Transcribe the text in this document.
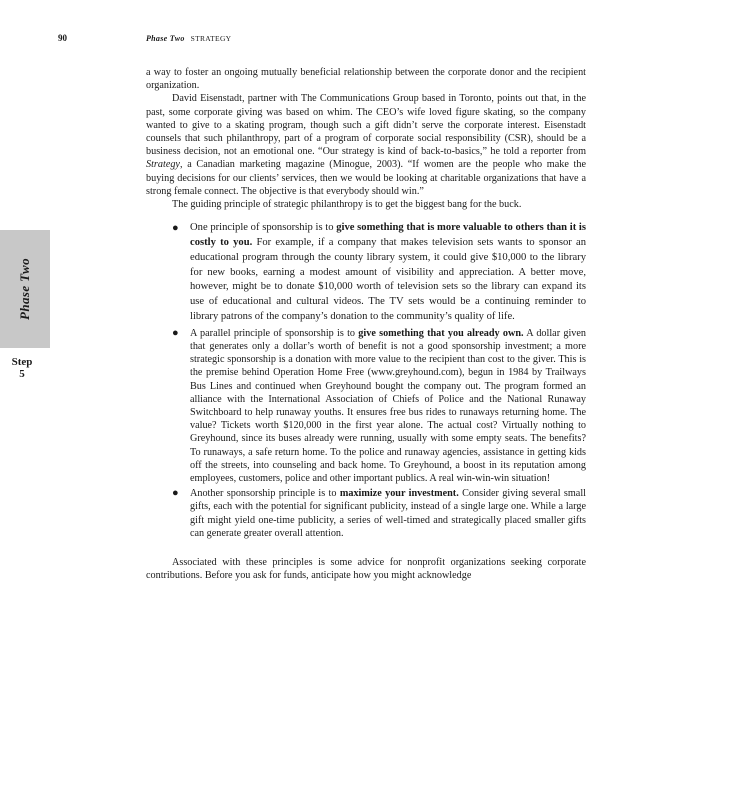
90	Phase Two STRATEGY
Phase Two
Step
5

a way to foster an ongoing mutually beneficial relationship between the corporate donor and the recipient organization.

David Eisenstadt, partner with The Communications Group based in Toronto, points out that, in the past, some corporate giving was based on whim. The CEO’s wife loved figure skating, so the company wanted to give to a skating program, though such a gift didn’t serve the corporate interest. Eisenstadt counsels that such philanthropy, part of a program of corporate social responsibility (CSR), should be a business decision, not an emotional one. “Our strategy is kind of back-to-basics,” he told a reporter from Strategy, a Canadian marketing magazine (Minogue, 2003). “If women are the people who make the buying decisions for our clients’ services, then we would be looking at charitable organizations that have a strong female connect. The objective is that everybody should win.”

The guiding principle of strategic philanthropy is to get the biggest bang for the buck.

● One principle of sponsorship is to give something that is more valuable to others than it is costly to you. For example, if a company that makes television sets wants to sponsor an educational program through the county library system, it could give $10,000 to the library for new books, earning a modest amount of visibility and appreciation. A better move, however, might be to donate $10,000 worth of television sets so the library can expand its use of educational and cultural videos. The TV sets would be a continuing reminder to library patrons of the company’s donation to the community’s quality of life.
● A parallel principle of sponsorship is to give something that you already own. A dollar given that generates only a dollar’s worth of benefit is not a good sponsorship investment; a more strategic sponsorship is a donation with more value to the recipient than cost to the giver. This is the premise behind Operation Home Free (www.greyhound.com), begun in 1984 by Trailways Bus Lines and continued when Greyhound bought the company out. The program formed an alliance with the International Association of Chiefs of Police and the National Runaway Switchboard to help runaway youths. It ensures free bus rides to runaways returning home. The value? Tickets worth $120,000 in the first year alone. The actual cost? Virtually nothing to Greyhound, since its buses already were running, usually with some empty seats. The benefits? To runaways, a safe return home. To the police and runaway agencies, assistance in getting kids off the streets, into counseling and back home. To Greyhound, a boost in its reputation among employees, customers, police and other important publics. A real win-win-win situation!
● Another sponsorship principle is to maximize your investment. Consider giving several small gifts, each with the potential for significant publicity, instead of a single large one. While a large gift might yield one-time publicity, a series of well-timed and strategically placed smaller gifts can generate greater overall attention.

Associated with these principles is some advice for nonprofit organizations seeking corporate contributions. Before you ask for funds, anticipate how you might acknowledge
